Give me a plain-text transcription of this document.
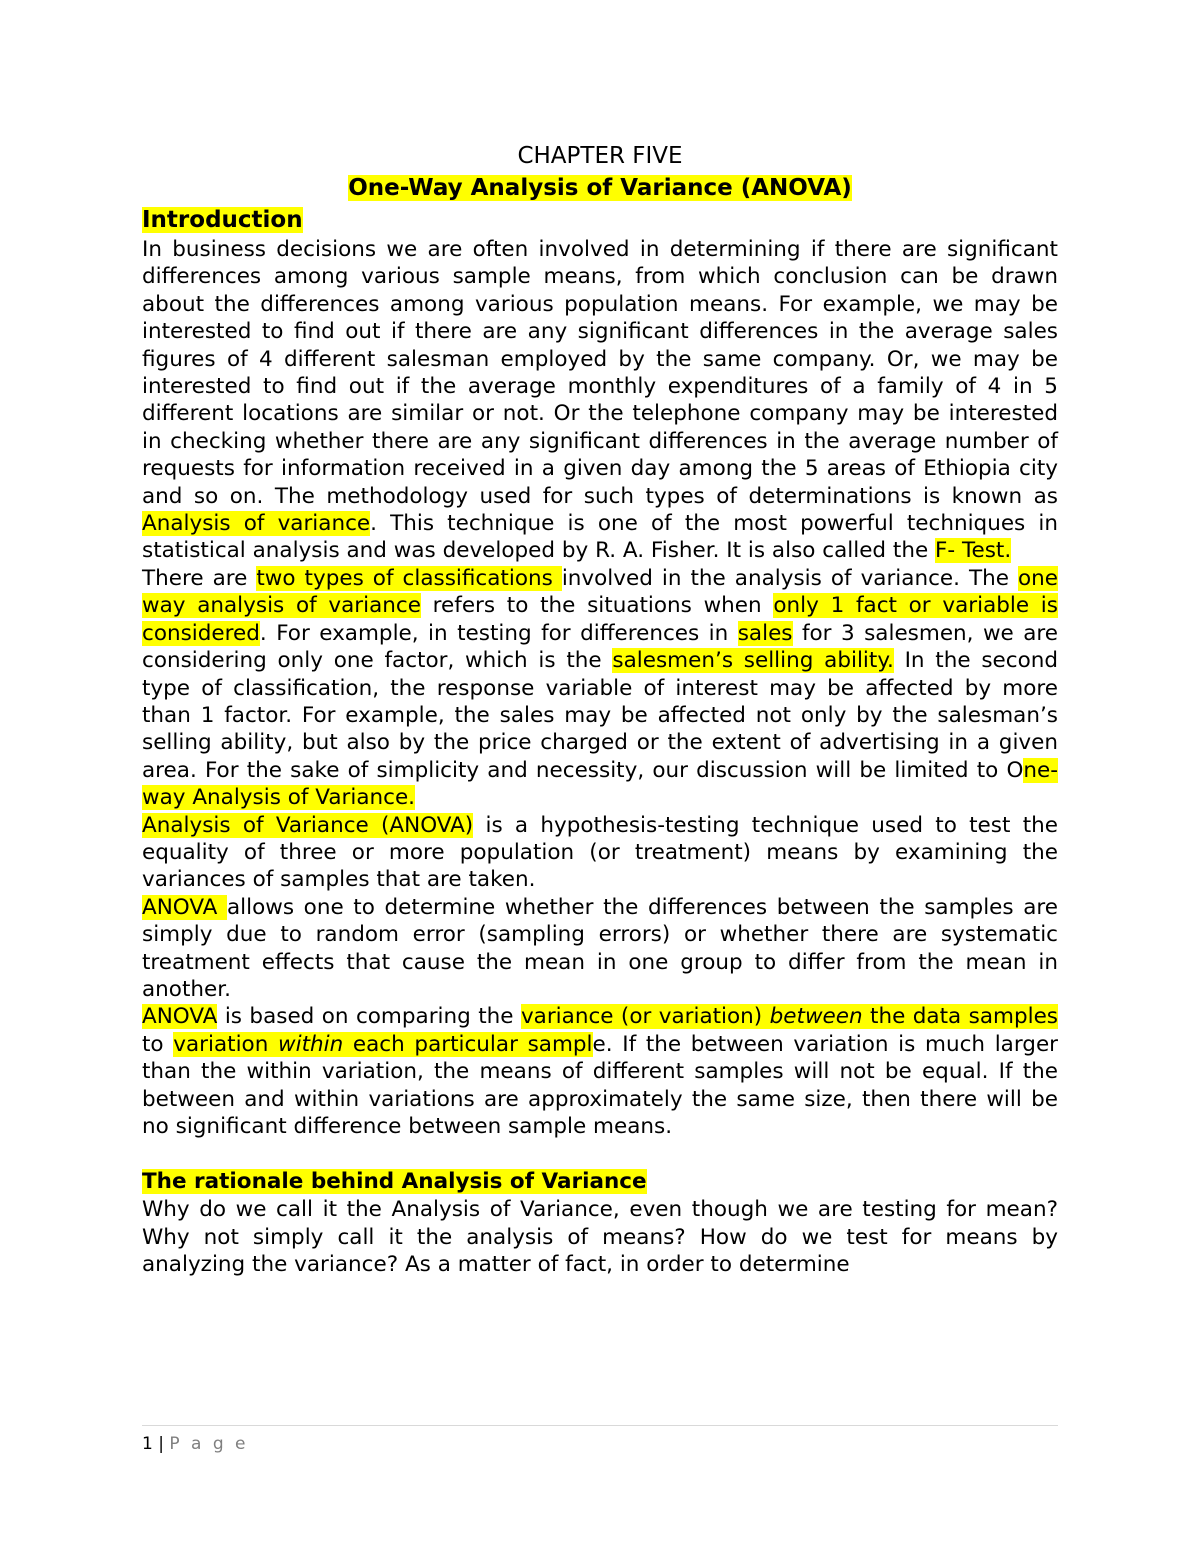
CHAPTER FIVE
One-Way Analysis of Variance (ANOVA)
Introduction

In business decisions we are often involved in determining if there are significant differences among various sample means, from which conclusion can be drawn about the differences among various population means. For example, we may be interested to find out if there are any significant differences in the average sales figures of 4 different salesman employed by the same company. Or, we may be interested to find out if the average monthly expenditures of a family of 4 in 5 different locations are similar or not. Or the telephone company may be interested in checking whether there are any significant differences in the average number of requests for information received in a given day among the 5 areas of Ethiopia city and so on. The methodology used for such types of determinations is known as Analysis of variance. This technique is one of the most powerful techniques in statistical analysis and was developed by R. A. Fisher. It is also called the F- Test.

There are two types of classifications involved in the analysis of variance. The one way analysis of variance refers to the situations when only 1 fact or variable is considered. For example, in testing for differences in sales for 3 salesmen, we are considering only one factor, which is the salesmen’s selling ability. In the second type of classification, the response variable of interest may be affected by more than 1 factor. For example, the sales may be affected not only by the salesman’s selling ability, but also by the price charged or the extent of advertising in a given area. For the sake of simplicity and necessity, our discussion will be limited to One-way Analysis of Variance.

Analysis of Variance (ANOVA) is a hypothesis-testing technique used to test the equality of three or more population (or treatment) means by examining the variances of samples that are taken.

ANOVA allows one to determine whether the differences between the samples are simply due to random error (sampling errors) or whether there are systematic treatment effects that cause the mean in one group to differ from the mean in another.

ANOVA is based on comparing the variance (or variation) between the data samples to variation within each particular sample. If the between variation is much larger than the within variation, the means of different samples will not be equal. If the between and within variations are approximately the same size, then there will be no significant difference between sample means.

The rationale behind Analysis of Variance

Why do we call it the Analysis of Variance, even though we are testing for mean? Why not simply call it the analysis of means? How do we test for means by analyzing the variance? As a matter of fact, in order to determine

1 | P a g e
